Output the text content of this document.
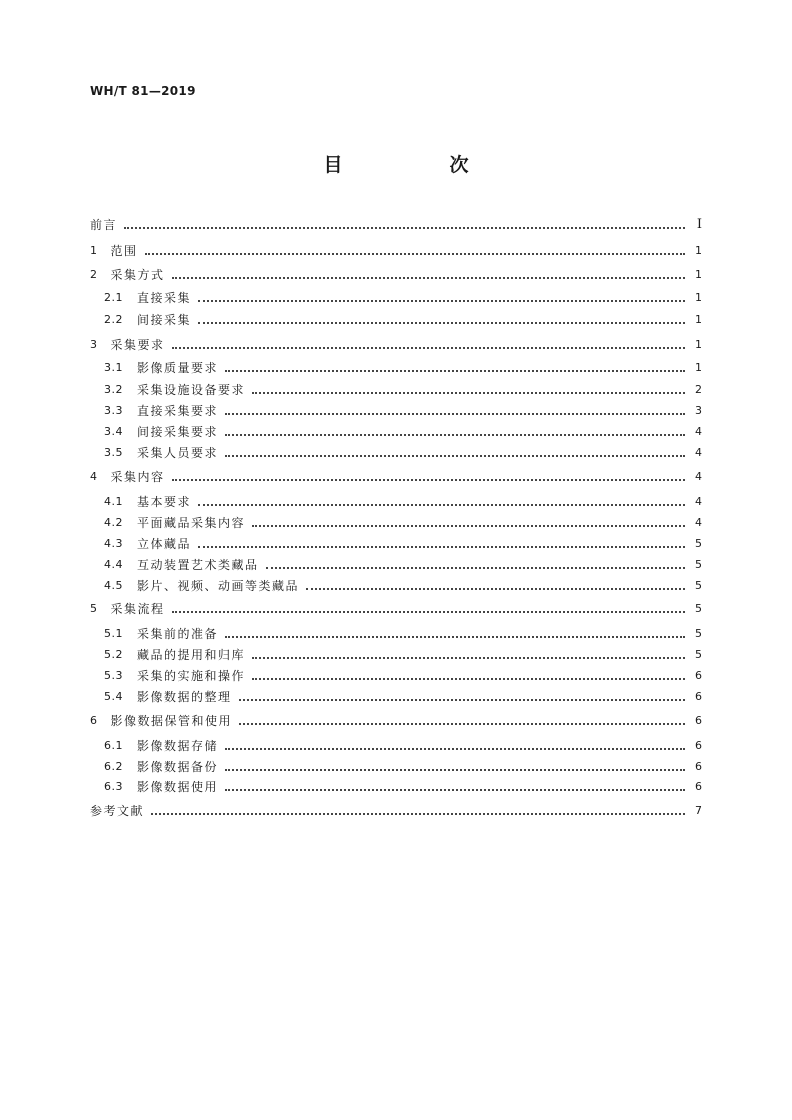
WH/T 81—2019
目　次
前言	I
1 范围	1
2 采集方式	1
2.1 直接采集	1
2.2 间接采集	1
3 采集要求	1
3.1 影像质量要求	1
3.2 采集设施设备要求	2
3.3 直接采集要求	3
3.4 间接采集要求	4
3.5 采集人员要求	4
4 采集内容	4
4.1 基本要求	4
4.2 平面藏品采集内容	4
4.3 立体藏品	5
4.4 互动装置艺术类藏品	5
4.5 影片、视频、动画等类藏品	5
5 采集流程	5
5.1 采集前的准备	5
5.2 藏品的提用和归库	5
5.3 采集的实施和操作	6
5.4 影像数据的整理	6
6 影像数据保管和使用	6
6.1 影像数据存储	6
6.2 影像数据备份	6
6.3 影像数据使用	6
参考文献	7
